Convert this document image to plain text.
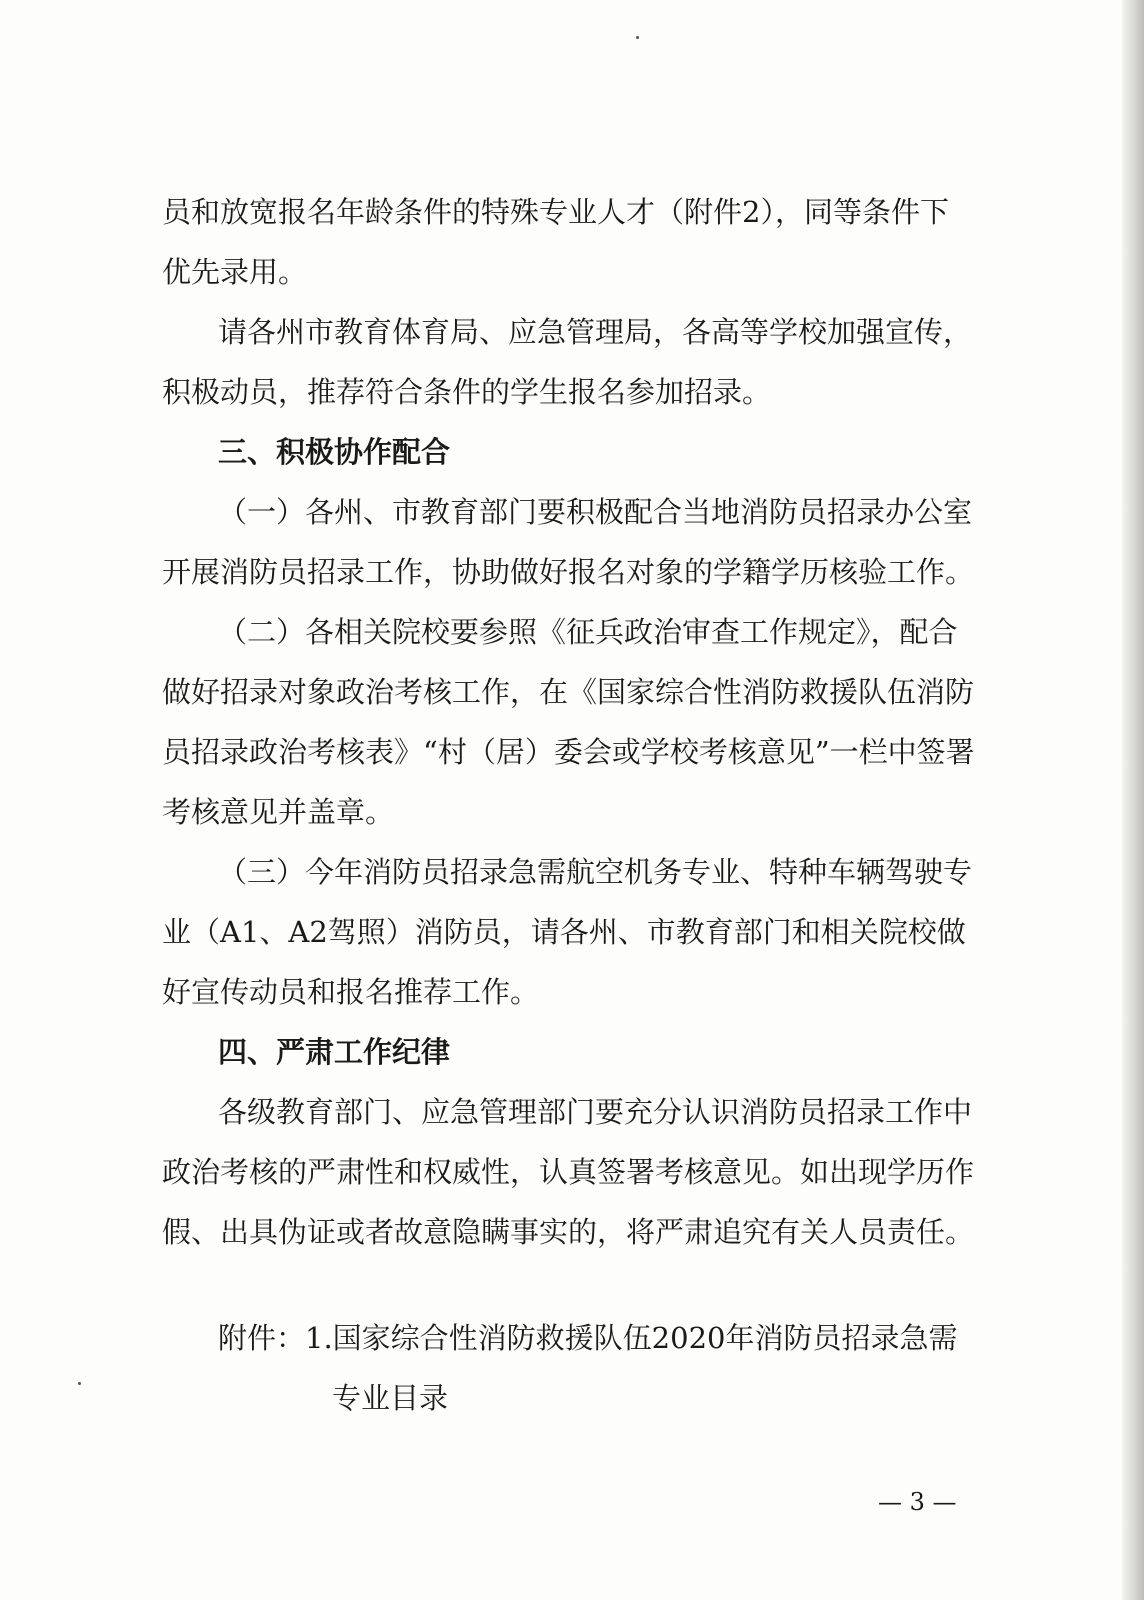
员和放宽报名年龄条件的特殊专业人才（附件2），同等条件下
优先录用。
请各州市教育体育局、应急管理局，各高等学校加强宣传，
积极动员，推荐符合条件的学生报名参加招录。
三、积极协作配合
（一）各州、市教育部门要积极配合当地消防员招录办公室
开展消防员招录工作，协助做好报名对象的学籍学历核验工作。
（二）各相关院校要参照《征兵政治审查工作规定》，配合
做好招录对象政治考核工作，在《国家综合性消防救援队伍消防
员招录政治考核表》“村（居）委会或学校考核意见”一栏中签署
考核意见并盖章。
（三）今年消防员招录急需航空机务专业、特种车辆驾驶专
业（A1、A2驾照）消防员，请各州、市教育部门和相关院校做
好宣传动员和报名推荐工作。
四、严肃工作纪律
各级教育部门、应急管理部门要充分认识消防员招录工作中
政治考核的严肃性和权威性，认真签署考核意见。如出现学历作
假、出具伪证或者故意隐瞒事实的，将严肃追究有关人员责任。
附件：1.国家综合性消防救援队伍2020年消防员招录急需
专业目录
— 3 —
